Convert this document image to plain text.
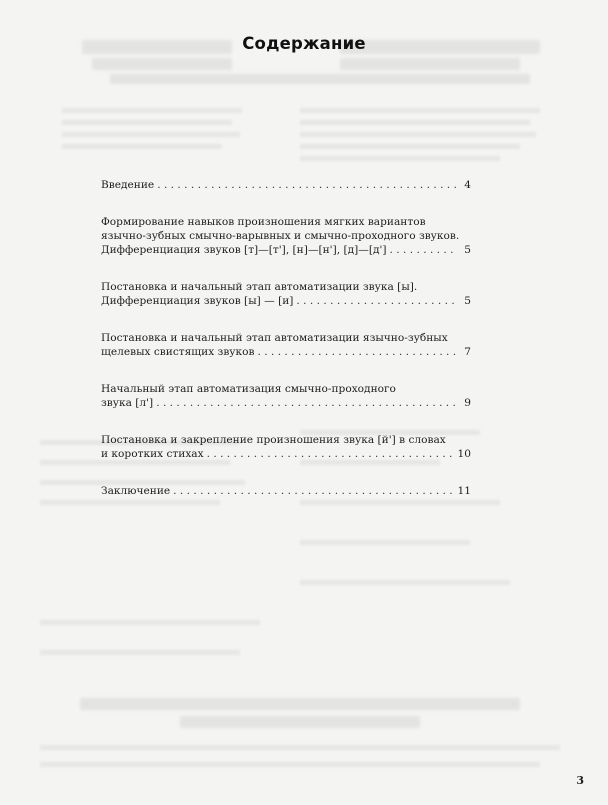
Содержание
Введение . . .	4
Формирование навыков произношения мягких вариантов
язычно-зубных смычно-варывных и смычно-проходного звуков.
Дифференциация звуков [т]—[т'], [н]—[н'], [д]—[д'] . . .	5
Постановка и начальный этап автоматизации звука [ы].
Дифференциация звуков [ы] — [и] . . .	5
Постановка и начальный этап автоматизации язычно-зубных
щелевых свистящих звуков . . .	7
Начальный этап автоматизация смычно-проходного
звука [л'] . . .	9
Постановка и закрепление произношения звука [й'] в словах
и коротких стихах . . .	10
Заключение . . .	11
3
